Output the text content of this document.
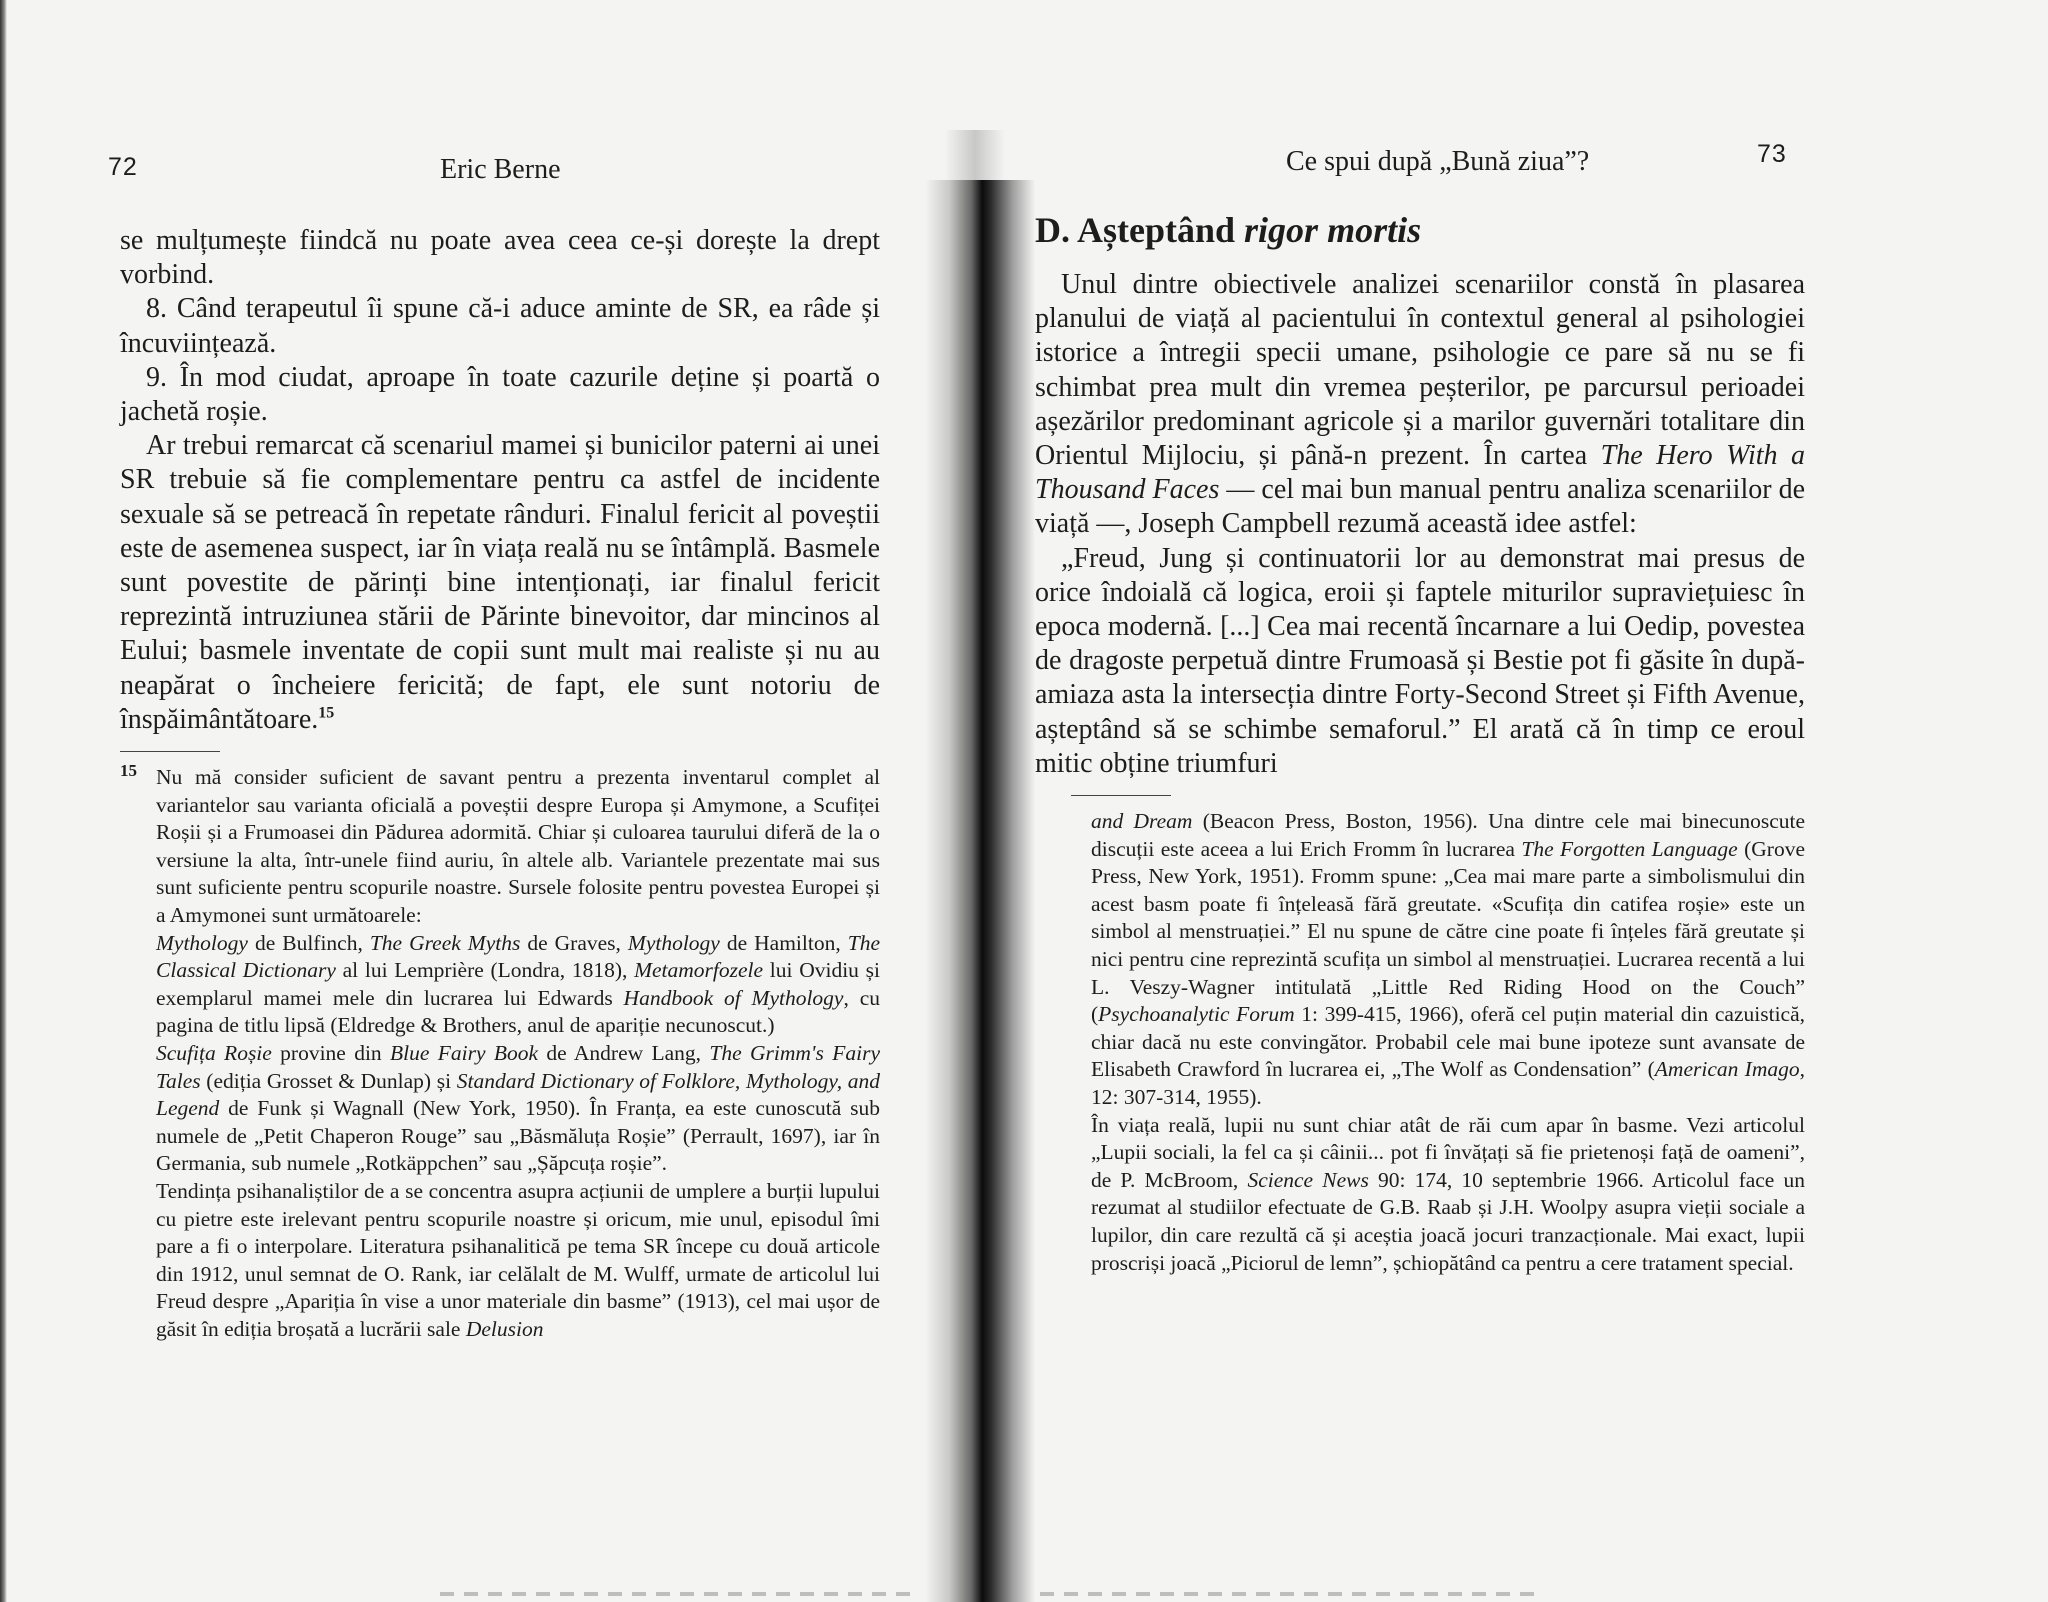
72	Eric Berne

se mulțumește fiindcă nu poate avea ceea ce-și dorește la drept vorbind.

8. Când terapeutul îi spune că-i aduce aminte de SR, ea râde și încuviințează.

9. În mod ciudat, aproape în toate cazurile deține și poartă o jachetă roșie.

Ar trebui remarcat că scenariul mamei și bunicilor paterni ai unei SR trebuie să fie complementare pentru ca astfel de incidente sexuale să se petreacă în repetate rânduri. Finalul fericit al poveștii este de asemenea suspect, iar în viața reală nu se întâmplă. Basmele sunt povestite de părinți bine intenționați, iar finalul fericit reprezintă intruziunea stării de Părinte binevoitor, dar mincinos al Eului; basmele inventate de copii sunt mult mai realiste și nu au neapărat o încheiere fericită; de fapt, ele sunt notoriu de înspăimântătoare.$^{15}$

15 Nu mă consider suficient de savant pentru a prezenta inventarul complet al variantelor sau varianta oficială a poveștii despre Europa și Amymone, a Scufiței Roșii și a Frumoasei din Pădurea adormită. Chiar și culoarea taurului diferă de la o versiune la alta, într-unele fiind auriu, în altele alb. Variantele prezentate mai sus sunt suficiente pentru scopurile noastre. Sursele folosite pentru povestea Europei și a Amymonei sunt următoarele:

Mythology de Bulfinch, The Greek Myths de Graves, Mythology de Hamilton, The Classical Dictionary al lui Lemprière (Londra, 1818), Metamorfozele lui Ovidiu și exemplarul mamei mele din lucrarea lui Edwards Handbook of Mythology, cu pagina de titlu lipsă (Eldredge & Brothers, anul de apariție necunoscut.)

Scufița Roșie provine din Blue Fairy Book de Andrew Lang, The Grimm's Fairy Tales (ediția Grosset & Dunlap) și Standard Dictionary of Folklore, Mythology, and Legend de Funk și Wagnall (New York, 1950). În Franța, ea este cunoscută sub numele de „Petit Chaperon Rouge” sau „Băsmăluța Roșie” (Perrault, 1697), iar în Germania, sub numele „Rotkäppchen” sau „Șăpcuța roșie”.

Tendința psihanaliștilor de a se concentra asupra acțiunii de umplere a burții lupului cu pietre este irelevant pentru scopurile noastre și oricum, mie unul, episodul îmi pare a fi o interpolare. Literatura psihanalitică pe tema SR începe cu două articole din 1912, unul semnat de O. Rank, iar celălalt de M. Wulff, urmate de articolul lui Freud despre „Apariția în vise a unor materiale din basme” (1913), cel mai ușor de găsit în ediția broșată a lucrării sale Delusion

Ce spui după „Bună ziua”?	73
D. Așteptând rigor mortis

Unul dintre obiectivele analizei scenariilor constă în plasarea planului de viață al pacientului în contextul general al psihologiei istorice a întregii specii umane, psihologie ce pare să nu se fi schimbat prea mult din vremea peșterilor, pe parcursul perioadei așezărilor predominant agricole și a marilor guvernări totalitare din Orientul Mijlociu, și până-n prezent. În cartea The Hero With a Thousand Faces — cel mai bun manual pentru analiza scenariilor de viață —, Joseph Campbell rezumă această idee astfel:

„Freud, Jung și continuatorii lor au demonstrat mai presus de orice îndoială că logica, eroii și faptele miturilor supraviețuiesc în epoca modernă. [...] Cea mai recentă încarnare a lui Oedip, povestea de dragoste perpetuă dintre Frumoasă și Bestie pot fi găsite în după-amiaza asta la intersecția dintre Forty-Second Street și Fifth Avenue, așteptând să se schimbe semaforul.” El arată că în timp ce eroul mitic obține triumfuri

and Dream (Beacon Press, Boston, 1956). Una dintre cele mai binecunoscute discuții este aceea a lui Erich Fromm în lucrarea The Forgotten Language (Grove Press, New York, 1951). Fromm spune: „Cea mai mare parte a simbolismului din acest basm poate fi înțeleasă fără greutate. «Scufița din catifea roșie» este un simbol al menstruației.” El nu spune de către cine poate fi înțeles fără greutate și nici pentru cine reprezintă scufița un simbol al menstruației. Lucrarea recentă a lui L. Veszy-Wagner intitulată „Little Red Riding Hood on the Couch” (Psychoanalytic Forum 1: 399-415, 1966), oferă cel puțin material din cazuistică, chiar dacă nu este convingător. Probabil cele mai bune ipoteze sunt avansate de Elisabeth Crawford în lucrarea ei, „The Wolf as Condensation” (American Imago, 12: 307-314, 1955).

În viața reală, lupii nu sunt chiar atât de răi cum apar în basme. Vezi articolul „Lupii sociali, la fel ca și câinii... pot fi învățați să fie prietenoși față de oameni”, de P. McBroom, Science News 90: 174, 10 septembrie 1966. Articolul face un rezumat al studiilor efectuate de G.B. Raab și J.H. Woolpy asupra vieții sociale a lupilor, din care rezultă că și aceștia joacă jocuri tranzacționale. Mai exact, lupii proscriși joacă „Piciorul de lemn”, șchiopătând ca pentru a cere tratament special.
